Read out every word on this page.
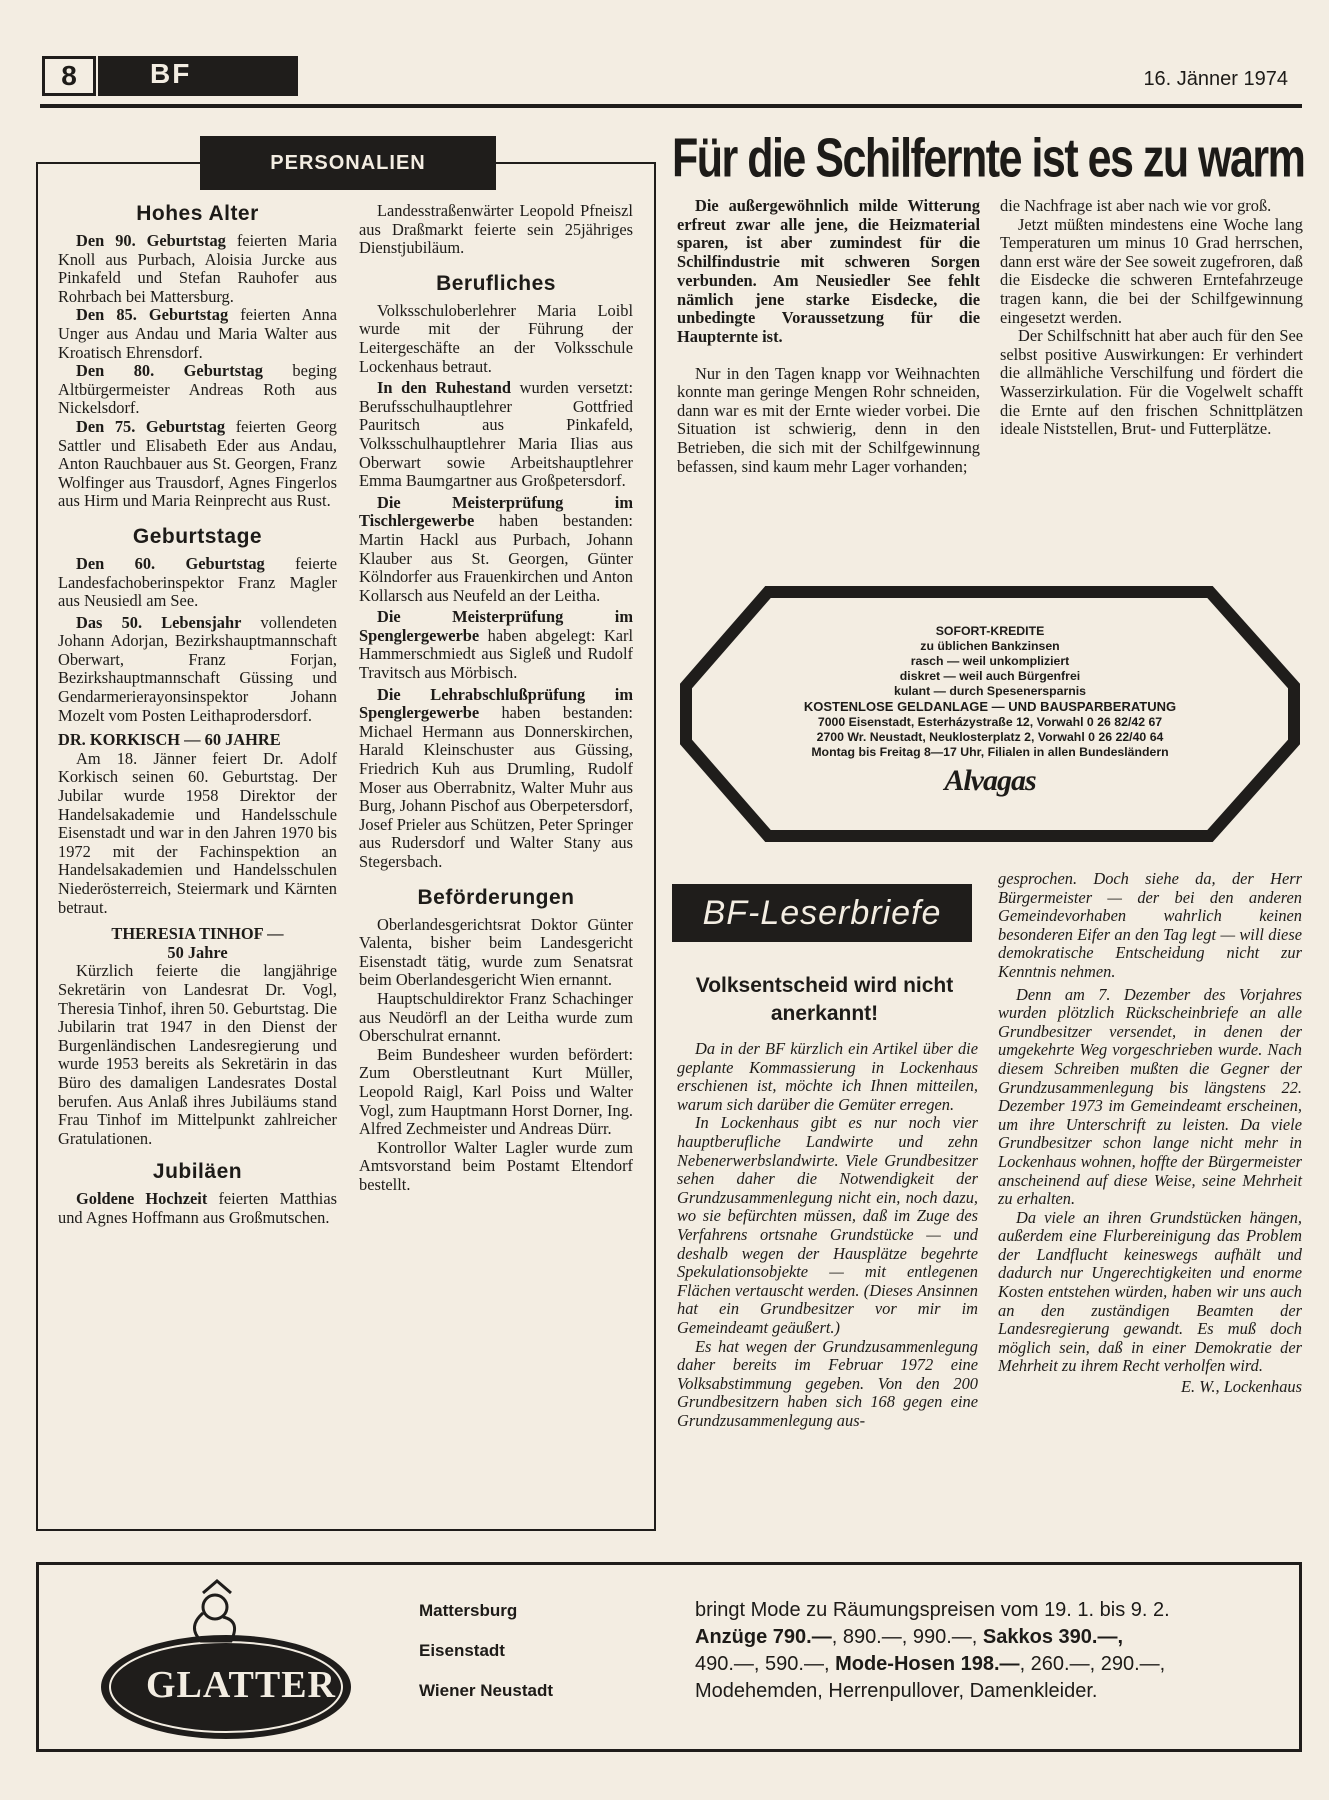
8	BF	16. Jänner 1974
PERSONALIEN
Hohes Alter

Den 90. Geburtstag feierten Maria Knoll aus Purbach, Aloisia Jurcke aus Pinkafeld und Stefan Rauhofer aus Rohrbach bei Mattersburg.

Den 85. Geburtstag feierten Anna Unger aus Andau und Maria Walter aus Kroatisch Ehrensdorf.

Den 80. Geburtstag beging Altbürgermeister Andreas Roth aus Nickelsdorf.

Den 75. Geburtstag feierten Georg Sattler und Elisabeth Eder aus Andau, Anton Rauchbauer aus St. Georgen, Franz Wolfinger aus Trausdorf, Agnes Fingerlos aus Hirm und Maria Reinprecht aus Rust.

Geburtstage

Den 60. Geburtstag feierte Landesfachoberinspektor Franz Magler aus Neusiedl am See.

Das 50. Lebensjahr vollendeten Johann Adorjan, Bezirkshauptmannschaft Oberwart, Franz Forjan, Bezirkshauptmannschaft Güssing und Gendarmerierayonsinspektor Johann Mozelt vom Posten Leithaprodersdorf.

DR. KORKISCH — 60 JAHRE

Am 18. Jänner feiert Dr. Adolf Korkisch seinen 60. Geburtstag. Der Jubilar wurde 1958 Direktor der Handelsakademie und Handelsschule Eisenstadt und war in den Jahren 1970 bis 1972 mit der Fachinspektion an Handelsakademien und Handelsschulen Niederösterreich, Steiermark und Kärnten betraut.

THERESIA TINHOF —

50 Jahre

Kürzlich feierte die langjährige Sekretärin von Landesrat Dr. Vogl, Theresia Tinhof, ihren 50. Geburtstag. Die Jubilarin trat 1947 in den Dienst der Burgenländischen Landesregierung und wurde 1953 bereits als Sekretärin in das Büro des damaligen Landesrates Dostal berufen. Aus Anlaß ihres Jubiläums stand Frau Tinhof im Mittelpunkt zahlreicher Gratulationen.

Jubiläen

Goldene Hochzeit feierten Matthias und Agnes Hoffmann aus Großmutschen.

Landesstraßenwärter Leopold Pfneiszl aus Draßmarkt feierte sein 25jähriges Dienstjubiläum.

Berufliches

Volksschuloberlehrer Maria Loibl wurde mit der Führung der Leitergeschäfte an der Volksschule Lockenhaus betraut.

In den Ruhestand wurden versetzt: Berufsschulhauptlehrer Gottfried Pauritsch aus Pinkafeld, Volksschulhauptlehrer Maria Ilias aus Oberwart sowie Arbeitshauptlehrer Emma Baumgartner aus Großpetersdorf.

Die Meisterprüfung im Tischlergewerbe haben bestanden: Martin Hackl aus Purbach, Johann Klauber aus St. Georgen, Günter Kölndorfer aus Frauenkirchen und Anton Kollarsch aus Neufeld an der Leitha.

Die Meisterprüfung im Spenglergewerbe haben abgelegt: Karl Hammerschmiedt aus Sigleß und Rudolf Travitsch aus Mörbisch.

Die Lehrabschlußprüfung im Spenglergewerbe haben bestanden: Michael Hermann aus Donnerskirchen, Harald Kleinschuster aus Güssing, Friedrich Kuh aus Drumling, Rudolf Moser aus Oberrabnitz, Walter Muhr aus Burg, Johann Pischof aus Oberpetersdorf, Josef Prieler aus Schützen, Peter Springer aus Rudersdorf und Walter Stany aus Stegersbach.

Beförderungen

Oberlandesgerichtsrat Doktor Günter Valenta, bisher beim Landesgericht Eisenstadt tätig, wurde zum Senatsrat beim Oberlandesgericht Wien ernannt.

Hauptschuldirektor Franz Schachinger aus Neudörfl an der Leitha wurde zum Oberschulrat ernannt.

Beim Bundesheer wurden befördert: Zum Oberstleutnant Kurt Müller, Leopold Raigl, Karl Poiss und Walter Vogl, zum Hauptmann Horst Dorner, Ing. Alfred Zechmeister und Andreas Dürr.

Kontrollor Walter Lagler wurde zum Amtsvorstand beim Postamt Eltendorf bestellt.

Für die Schilfernte ist es zu warm

Die außergewöhnlich milde Witterung erfreut zwar alle jene, die Heizmaterial sparen, ist aber zumindest für die Schilfindustrie mit schweren Sorgen verbunden. Am Neusiedler See fehlt nämlich jene starke Eisdecke, die unbedingte Voraussetzung für die Haupternte ist.

Nur in den Tagen knapp vor Weihnachten konnte man geringe Mengen Rohr schneiden, dann war es mit der Ernte wieder vorbei. Die Situation ist schwierig, denn in den Betrieben, die sich mit der Schilfgewinnung befassen, sind kaum mehr Lager vorhanden;

die Nachfrage ist aber nach wie vor groß.

Jetzt müßten mindestens eine Woche lang Temperaturen um minus 10 Grad herrschen, dann erst wäre der See soweit zugefroren, daß die Eisdecke die schweren Erntefahrzeuge tragen kann, die bei der Schilfgewinnung eingesetzt werden.

Der Schilfschnitt hat aber auch für den See selbst positive Auswirkungen: Er verhindert die allmähliche Verschilfung und fördert die Wasserzirkulation. Für die Vogelwelt schafft die Ernte auf den frischen Schnittplätzen ideale Niststellen, Brut- und Futterplätze.

SOFORT-KREDITE

zu üblichen Bankzinsen

rasch — weil unkompliziert

diskret — weil auch Bürgenfrei

kulant — durch Spesenersparnis

KOSTENLOSE GELDANLAGE — UND BAUSPARBERATUNG

7000 Eisenstadt, Esterházystraße 12, Vorwahl 0 26 82/42 67

2700 Wr. Neustadt, Neuklosterplatz 2, Vorwahl 0 26 22/40 64

Montag bis Freitag 8—17 Uhr, Filialen in allen Bundesländern

Alvagas

BF-Leserbriefe
Volksentscheid wird nicht
anerkannt!

Da in der BF kürzlich ein Artikel über die geplante Kommassierung in Lockenhaus erschienen ist, möchte ich Ihnen mitteilen, warum sich darüber die Gemüter erregen.

In Lockenhaus gibt es nur noch vier hauptberufliche Landwirte und zehn Nebenerwerbslandwirte. Viele Grundbesitzer sehen daher die Notwendigkeit der Grundzusammenlegung nicht ein, noch dazu, wo sie befürchten müssen, daß im Zuge des Verfahrens ortsnahe Grundstücke — und deshalb wegen der Hausplätze begehrte Spekulationsobjekte — mit entlegenen Flächen vertauscht werden. (Dieses Ansinnen hat ein Grundbesitzer vor mir im Gemeindeamt geäußert.)

Es hat wegen der Grundzusammenlegung daher bereits im Februar 1972 eine Volksabstimmung gegeben. Von den 200 Grundbesitzern haben sich 168 gegen eine Grundzusammenlegung aus-

gesprochen. Doch siehe da, der Herr Bürgermeister — der bei den anderen Gemeindevorhaben wahrlich keinen besonderen Eifer an den Tag legt — will diese demokratische Entscheidung nicht zur Kenntnis nehmen.

Denn am 7. Dezember des Vorjahres wurden plötzlich Rückscheinbriefe an alle Grundbesitzer versendet, in denen der umgekehrte Weg vorgeschrieben wurde. Nach diesem Schreiben mußten die Gegner der Grundzusammenlegung bis längstens 22. Dezember 1973 im Gemeindeamt erscheinen, um ihre Unterschrift zu leisten. Da viele Grundbesitzer schon lange nicht mehr in Lockenhaus wohnen, hoffte der Bürgermeister anscheinend auf diese Weise, seine Mehrheit zu erhalten.

Da viele an ihren Grundstücken hängen, außerdem eine Flurbereinigung das Problem der Landflucht keineswegs aufhält und dadurch nur Ungerechtigkeiten und enorme Kosten entstehen würden, haben wir uns auch an den zuständigen Beamten der Landesregierung gewandt. Es muß doch möglich sein, daß in einer Demokratie der Mehrheit zu ihrem Recht verholfen wird.

E. W., Lockenhaus

GLATTER

Mattersburg

Eisenstadt

Wiener Neustadt

bringt Mode zu Räumungspreisen vom 19. 1. bis 9. 2.

Anzüge 790.—, 890.—, 990.—, Sakkos 390.—,

490.—, 590.—, Mode-Hosen 198.—, 260.—, 290.—,

Modehemden, Herrenpullover, Damenkleider.
